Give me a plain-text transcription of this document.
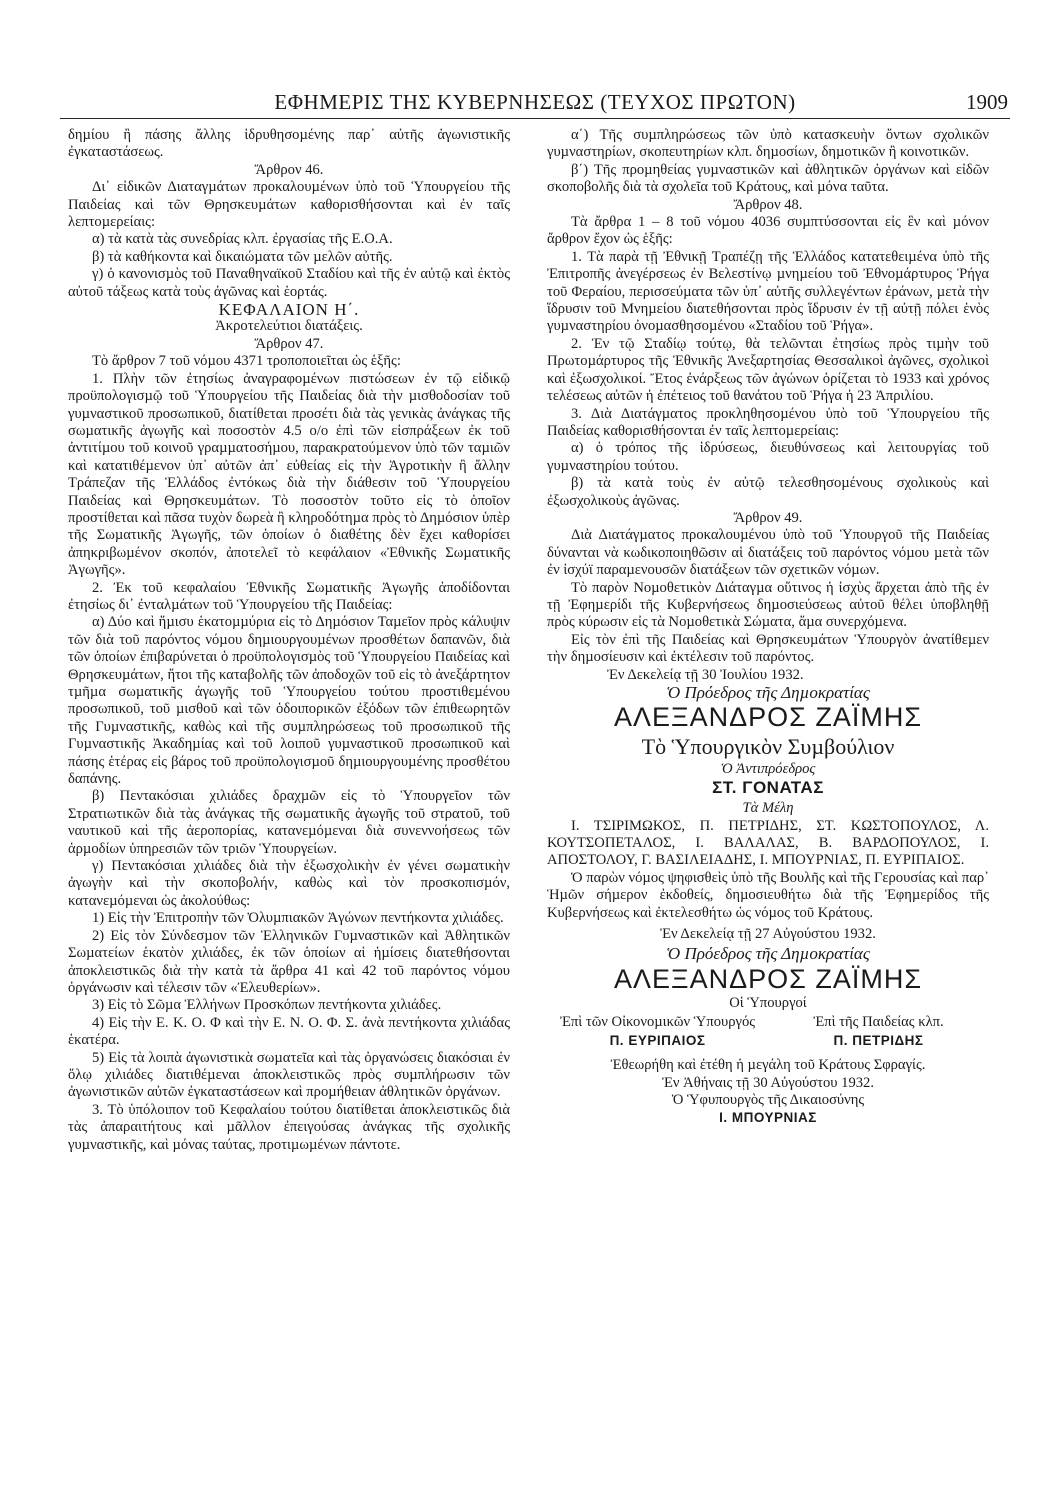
ΕΦΗΜΕΡΙΣ ΤΗΣ ΚΥΒΕΡΝΗΣΕΩΣ (ΤΕΥΧΟΣ ΠΡΩΤΟΝ)	1909

δηµίου ἢ πάσης ἄλλης ἱδρυθησοµένης παρ᾽ αὐτῆς ἀγωνιστικῆς ἐγκαταστάσεως.

Ἄρθρον 46.

Δι᾽ εἰδικῶν Διαταγµάτων προκαλουµένων ὑπὸ τοῦ Ὑπουργείου τῆς Παιδείας καὶ τῶν Θρησκευµάτων καθορισθήσονται καὶ ἐν ταῖς λεπτοµερείαις:

α) τὰ κατὰ τὰς συνεδρίας κλπ. ἐργασίας τῆς Ε.Ο.Α.

β) τὰ καθήκοντα καὶ δικαιώµατα τῶν µελῶν αὐτῆς.

γ) ὁ κανονισµὸς τοῦ Παναθηναϊκοῦ Σταδίου καὶ τῆς ἐν αὐτῷ καὶ ἐκτὸς αὐτοῦ τάξεως κατὰ τοὺς ἀγῶνας καὶ ἑορτάς.

ΚΕΦΑΛΑΙΟΝ Η΄.

Ἀκροτελεύτιοι διατάξεις.

Ἄρθρον 47.

Τὸ ἄρθρον 7 τοῦ νόµου 4371 τροποποιεῖται ὡς ἑξῆς:

1. Πλὴν τῶν ἐτησίως ἀναγραφοµένων πιστώσεων ἐν τῷ εἰδικῷ προϋπολογισµῷ τοῦ Ὑπουργείου τῆς Παιδείας διὰ τὴν µισθοδοσίαν τοῦ γυµναστικοῦ προσωπικοῦ, διατίθεται προσέτι διὰ τὰς γενικὰς ἀνάγκας τῆς σωµατικῆς ἀγωγῆς καὶ ποσοστὸν 4.5 ο/ο ἐπὶ τῶν εἰσπράξεων ἐκ τοῦ ἀντιτίµου τοῦ κοινοῦ γραµµατοσήµου, παρακρατούµενον ὑπὸ τῶν ταµιῶν καὶ κατατιθέµενον ὑπ᾽ αὐτῶν ἀπ᾽ εὐθείας εἰς τὴν Ἀγροτικὴν ἢ ἄλλην Τράπεζαν τῆς Ἑλλάδος ἐντόκως διὰ τὴν διάθεσιν τοῦ Ὑπουργείου Παιδείας καὶ Θρησκευµάτων. Τὸ ποσοστὸν τοῦτο εἰς τὸ ὁποῖον προστίθεται καὶ πᾶσα τυχὸν δωρεὰ ἢ κληροδότηµα πρὸς τὸ Δηµόσιον ὑπὲρ τῆς Σωµατικῆς Ἀγωγῆς, τῶν ὁποίων ὁ διαθέτης δὲν ἔχει καθορίσει ἀπηκριβωµένον σκοπόν, ἀποτελεῖ τὸ κεφάλαιον «Ἐθνικῆς Σωµατικῆς Ἀγωγῆς».

2. Ἐκ τοῦ κεφαλαίου Ἐθνικῆς Σωµατικῆς Ἀγωγῆς ἀποδίδονται ἐτησίως δι᾽ ἐνταλµάτων τοῦ Ὑπουργείου τῆς Παιδείας:

α) Δύο καὶ ἥµισυ ἑκατοµµύρια εἰς τὸ Δηµόσιον Ταµεῖον πρὸς κάλυψιν τῶν διὰ τοῦ παρόντος νόµου δηµιουργουµένων προσθέτων δαπανῶν, διὰ τῶν ὁποίων ἐπιβαρύνεται ὁ προϋπολογισµὸς τοῦ Ὑπουργείου Παιδείας καὶ Θρησκευµάτων, ἤτοι τῆς καταβολῆς τῶν ἀποδοχῶν τοῦ εἰς τὸ ἀνεξάρτητον τµῆµα σωµατικῆς ἀγωγῆς τοῦ Ὑπουργείου τούτου προστιθεµένου προσωπικοῦ, τοῦ µισθοῦ καὶ τῶν ὁδοιπορικῶν ἐξόδων τῶν ἐπιθεωρητῶν τῆς Γυµναστικῆς, καθὼς καὶ τῆς συµπληρώσεως τοῦ προσωπικοῦ τῆς Γυµναστικῆς Ἀκαδηµίας καὶ τοῦ λοιποῦ γυµναστικοῦ προσωπικοῦ καὶ πάσης ἑτέρας εἰς βάρος τοῦ προϋπολογισµοῦ δηµιουργουµένης προσθέτου δαπάνης.

β) Πεντακόσιαι χιλιάδες δραχµῶν εἰς τὸ Ὑπουργεῖον τῶν Στρατιωτικῶν διὰ τὰς ἀνάγκας τῆς σωµατικῆς ἀγωγῆς τοῦ στρατοῦ, τοῦ ναυτικοῦ καὶ τῆς ἀεροπορίας, κατανεµόµεναι διὰ συνεννοήσεως τῶν ἁρµοδίων ὑπηρεσιῶν τῶν τριῶν Ὑπουργείων.

γ) Πεντακόσιαι χιλιάδες διὰ τὴν ἐξωσχολικὴν ἐν γένει σωµατικὴν ἀγωγὴν καὶ τὴν σκοποβολήν, καθὼς καὶ τὸν προσκοπισµόν, κατανεµόµεναι ὡς ἀκολούθως:

1) Εἰς τὴν Ἐπιτροπὴν τῶν Ὀλυµπιακῶν Ἀγώνων πεντήκοντα χιλιάδες.

2) Εἰς τὸν Σύνδεσµον τῶν Ἑλληνικῶν Γυµναστικῶν καὶ Ἀθλητικῶν Σωµατείων ἑκατὸν χιλιάδες, ἐκ τῶν ὁποίων αἱ ἡµίσεις διατεθήσονται ἀποκλειστικῶς διὰ τὴν κατὰ τὰ ἄρθρα 41 καὶ 42 τοῦ παρόντος νόµου ὀργάνωσιν καὶ τέλεσιν τῶν «Ἐλευθερίων».

3) Εἰς τὸ Σῶµα Ἑλλήνων Προσκόπων πεντήκοντα χιλιάδες.

4) Εἰς τὴν Ε. Κ. Ο. Φ καὶ τὴν Ε. Ν. Ο. Φ. Σ. ἀνὰ πεντήκοντα χιλιάδας ἑκατέρα.

5) Εἰς τὰ λοιπὰ ἀγωνιστικὰ σωµατεῖα καὶ τὰς ὀργανώσεις διακόσιαι ἐν ὅλῳ χιλιάδες διατιθέµεναι ἀποκλειστικῶς πρὸς συµπλήρωσιν τῶν ἀγωνιστικῶν αὐτῶν ἐγκαταστάσεων καὶ προµήθειαν ἀθλητικῶν ὀργάνων.

3. Τὸ ὑπόλοιπον τοῦ Κεφαλαίου τούτου διατίθεται ἀποκλειστικῶς διὰ τὰς ἀπαραιτήτους καὶ µᾶλλον ἐπειγούσας ἀνάγκας τῆς σχολικῆς γυµναστικῆς, καὶ µόνας ταύτας, προτιµωµένων πάντοτε.

α΄) Τῆς συµπληρώσεως τῶν ὑπὸ κατασκευὴν ὄντων σχολικῶν γυµναστηρίων, σκοπευτηρίων κλπ. δηµοσίων, δηµοτικῶν ἢ κοινοτικῶν.

β΄) Τῆς προµηθείας γυµναστικῶν καὶ ἀθλητικῶν ὀργάνων καὶ εἰδῶν σκοποβολῆς διὰ τὰ σχολεῖα τοῦ Κράτους, καὶ µόνα ταῦτα.

Ἄρθρον 48.

Τὰ ἄρθρα 1 – 8 τοῦ νόµου 4036 συµπτύσσονται εἰς ἓν καὶ µόνον ἄρθρον ἔχον ὡς ἑξῆς:

1. Τὰ παρὰ τῇ Ἐθνικῇ Τραπέζῃ τῆς Ἑλλάδος κατατεθειµένα ὑπὸ τῆς Ἐπιτροπῆς ἀνεγέρσεως ἐν Βελεστίνῳ µνηµείου τοῦ Ἐθνοµάρτυρος Ῥήγα τοῦ Φεραίου, περισσεύµατα τῶν ὑπ᾽ αὐτῆς συλλεγέντων ἐράνων, µετὰ τὴν ἵδρυσιν τοῦ Μνηµείου διατεθήσονται πρὸς ἵδρυσιν ἐν τῇ αὐτῇ πόλει ἑνὸς γυµναστηρίου ὀνοµασθησοµένου «Σταδίου τοῦ Ῥήγα».

2. Ἐν τῷ Σταδίῳ τούτῳ, θὰ τελῶνται ἐτησίως πρὸς τιµὴν τοῦ Πρωτοµάρτυρος τῆς Ἐθνικῆς Ἀνεξαρτησίας Θεσσαλικοὶ ἀγῶνες, σχολικοὶ καὶ ἐξωσχολικοί. Ἔτος ἐνάρξεως τῶν ἀγώνων ὁρίζεται τὸ 1933 καὶ χρόνος τελέσεως αὐτῶν ἡ ἐπέτειος τοῦ θανάτου τοῦ Ῥήγα ἡ 23 Ἀπριλίου.

3. Διὰ Διατάγµατος προκληθησοµένου ὑπὸ τοῦ Ὑπουργείου τῆς Παιδείας καθορισθήσονται ἐν ταῖς λεπτοµερείαις:

α) ὁ τρόπος τῆς ἱδρύσεως, διευθύνσεως καὶ λειτουργίας τοῦ γυµναστηρίου τούτου.

β) τὰ κατὰ τοὺς ἐν αὐτῷ τελεσθησοµένους σχολικοὺς καὶ ἐξωσχολικοὺς ἀγῶνας.

Ἄρθρον 49.

Διὰ Διατάγµατος προκαλουµένου ὑπὸ τοῦ Ὑπουργοῦ τῆς Παιδείας δύνανται νὰ κωδικοποιηθῶσιν αἱ διατάξεις τοῦ παρόντος νόµου µετὰ τῶν ἐν ἰσχύϊ παραµενουσῶν διατάξεων τῶν σχετικῶν νόµων.

Τὸ παρὸν Νοµοθετικὸν Διάταγµα οὕτινος ἡ ἰσχὺς ἄρχεται ἀπὸ τῆς ἐν τῇ Ἐφηµερίδι τῆς Κυβερνήσεως δηµοσιεύσεως αὐτοῦ θέλει ὑποβληθῇ πρὸς κύρωσιν εἰς τὰ Νοµοθετικὰ Σώµατα, ἅµα συνερχόµενα.

Εἰς τὸν ἐπὶ τῆς Παιδείας καὶ Θρησκευµάτων Ὑπουργὸν ἀνατίθεµεν τὴν δηµοσίευσιν καὶ ἐκτέλεσιν τοῦ παρόντος.

Ἐν Δεκελείᾳ τῇ 30 Ἰουλίου 1932.

Ὁ Πρόεδρος τῆς Δηµοκρατίας

ΑΛΕΞΑΝΔΡΟΣ ΖΑΪΜΗΣ

Τὸ Ὑπουργικὸν Συµβούλιον

Ὁ Ἀντιπρόεδρος

ΣΤ. ΓΟΝΑΤΑΣ

Τὰ Μέλη

Ι. ΤΣΙΡΙΜΩΚΟΣ, Π. ΠΕΤΡΙΔΗΣ, ΣΤ. ΚΩΣΤΟΠΟΥΛΟΣ, Λ. ΚΟΥΤΣΟΠΕΤΑΛΟΣ, Ι. ΒΑΛΑΛΑΣ, Β. ΒΑΡΔΟΠΟΥΛΟΣ, Ι. ΑΠΟΣΤΟΛΟΥ, Γ. ΒΑΣΙΛΕΙΑΔΗΣ, Ι. ΜΠΟΥΡΝΙΑΣ, Π. ΕΥΡΙΠΑΙΟΣ.

Ὁ παρὼν νόµος ψηφισθεὶς ὑπὸ τῆς Βουλῆς καὶ τῆς Γερουσίας καὶ παρ᾽ Ἡµῶν σήµερον ἐκδοθείς, δηµοσιευθήτω διὰ τῆς Ἐφηµερίδος τῆς Κυβερνήσεως καὶ ἐκτελεσθήτω ὡς νόµος τοῦ Κράτους.

Ἐν Δεκελείᾳ τῇ 27 Αὐγούστου 1932.

Ὁ Πρόεδρος τῆς Δηµοκρατίας

ΑΛΕΞΑΝΔΡΟΣ ΖΑΪΜΗΣ

Οἱ Ὑπουργοί

Ἐπὶ τῶν Οἰκονοµικῶν Ὑπουργός
Π. ΕΥΡΙΠΑΙΟΣ
Ἐπὶ τῆς Παιδείας κλπ.
Π. ΠΕΤΡΙΔΗΣ

Ἐθεωρήθη καὶ ἐτέθη ἡ µεγάλη τοῦ Κράτους Σφραγίς.

Ἐν Ἀθήναις τῇ 30 Αὐγούστου 1932.

Ὁ Ὑφυπουργὸς τῆς Δικαιοσύνης

Ι. ΜΠΟΥΡΝΙΑΣ
